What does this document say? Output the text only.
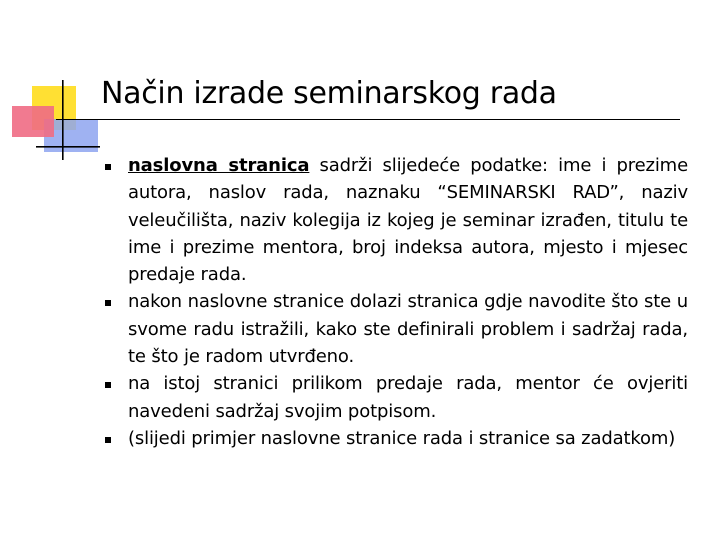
Način izrade seminarskog rada
naslovna stranica sadrži slijedeće podatke: ime i prezime autora, naslov rada, naznaku “SEMINARSKI RAD”, naziv veleučilišta, naziv kolegija iz kojeg je seminar izrađen, titulu te ime i prezime mentora, broj indeksa autora, mjesto i mjesec predaje rada.
nakon naslovne stranice dolazi stranica gdje navodite što ste u svome radu istražili, kako ste definirali problem i sadržaj rada, te što je radom utvrđeno.
na istoj stranici prilikom predaje rada, mentor će ovjeriti navedeni sadržaj svojim potpisom.
(slijedi primjer naslovne stranice rada i stranice sa zadatkom)
